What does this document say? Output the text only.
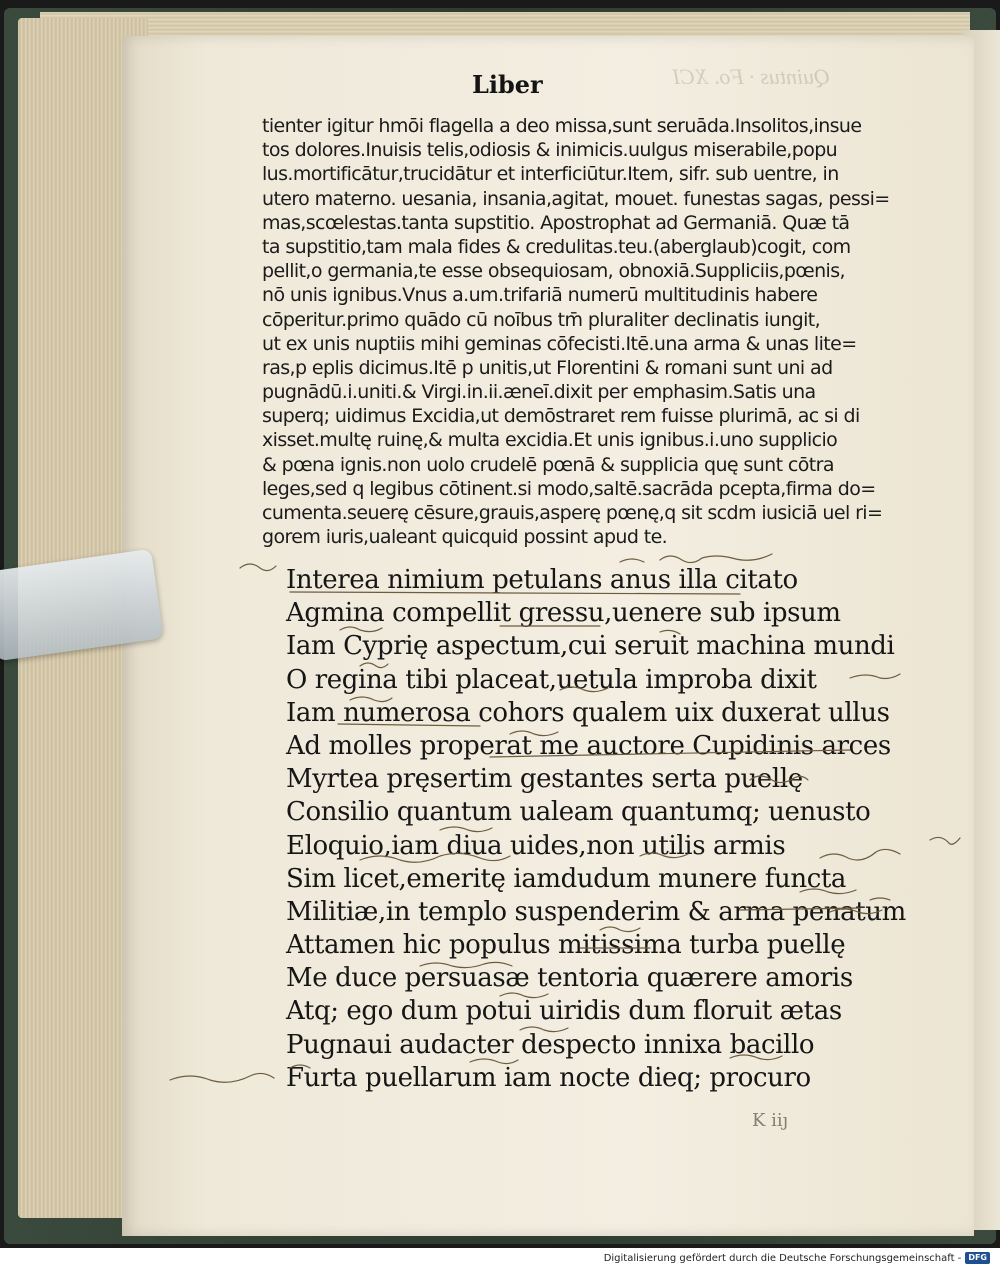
Quintus · Fo. XCI
Liber
tienter igitur hmōi flagella a deo missa,sunt seruāda.Insolitos,insue
tos dolores.Inuisis telis,odiosis & inimicis.uulgus miserabile,popu
lus.mortificātur,trucidātur et interficiūtur.Item, sifr. sub uentre, in
utero materno. uesania, insania,agitat, mouet. funestas sagas, pessi=
mas,scœlestas.tanta supstitio. Apostrophat ad Germaniā. Quæ tā
ta supstitio,tam mala fides & credulitas.teu.(aberglaub)cogit, com
pellit,o germania,te esse obsequiosam, obnoxiā.Suppliciis,pœnis,
nō unis ignibus.Vnus a.um.trifariā numerū multitudinis habere
cōperitur.primo quādo cū noībus tm̄ pluraliter declinatis iungit,
ut ex unis nuptiis mihi geminas cōfecisti.Itē.una arma & unas lite=
ras,p eplis dicimus.Itē p unitis,ut Florentini & romani sunt uni ad
pugnādū.i.uniti.& Virgi.in.ii.æneī.dixit per emphasim.Satis una
superq; uidimus Excidia,ut demōstraret rem fuisse plurimā, ac si di
xisset.multę ruinę,& multa excidia.Et unis ignibus.i.uno supplicio
& pœna ignis.non uolo crudelē pœnā & supplicia quę sunt cōtra
leges,sed q legibus cōtinent.si modo,saltē.sacrāda pcepta,firma do=
cumenta.seuerę cēsure,grauis,asperę pœnę,q sit scdm iusiciā uel ri=
gorem iuris,ualeant quicquid possint apud te.
Interea nimium petulans anus illa citato
Agmina compellit gressu,uenere sub ipsum
Iam Cyprię aspectum,cui seruit machina mundi
O regina tibi placeat,uetula improba dixit
Iam numerosa cohors qualem uix duxerat ullus
Ad molles properat me auctore Cupidinis arces
Myrtea pręsertim gestantes serta puellę
Consilio quantum ualeam quantumq; uenusto
Eloquio,iam diua uides,non utilis armis
Sim licet,emeritę iamdudum munere functa
Militiæ,in templo suspenderim & arma penatum
Attamen hic populus mitissima turba puellę
Me duce persuasæ tentoria quærere amoris
Atq; ego dum potui uiridis dum floruit ætas
Pugnaui audacter despecto innixa bacillo
Furta puellarum iam nocte dieq; procuro
K iiȷ
Digitalisierung gefördert durch die Deutsche Forschungsgemeinschaft - DFG
